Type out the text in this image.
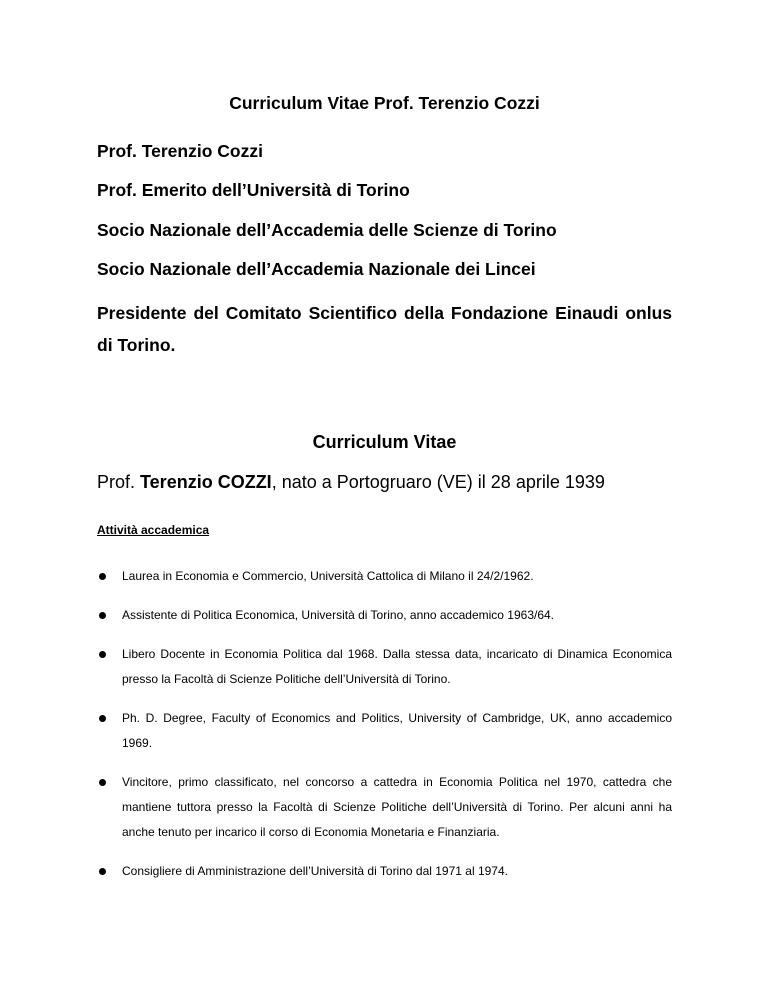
Curriculum Vitae Prof. Terenzio Cozzi
Prof. Terenzio Cozzi
Prof. Emerito dell’Università di Torino
Socio Nazionale dell’Accademia delle Scienze di Torino
Socio Nazionale dell’Accademia Nazionale dei Lincei
Presidente del Comitato Scientifico della Fondazione Einaudi onlus di Torino.
Curriculum Vitae
Prof. Terenzio COZZI, nato a Portogruaro (VE) il 28 aprile 1939
Attività accademica
Laurea in Economia e Commercio, Università Cattolica di Milano il 24/2/1962.
Assistente di Politica Economica, Università di Torino, anno accademico 1963/64.
Libero Docente in Economia Politica dal 1968. Dalla stessa data, incaricato di Dinamica Economica presso la Facoltà di Scienze Politiche dell’Università di Torino.
Ph. D. Degree, Faculty of Economics and Politics, University of Cambridge, UK, anno accademico 1969.
Vincitore, primo classificato, nel concorso a cattedra in Economia Politica nel 1970, cattedra che mantiene tuttora presso la Facoltà di Scienze Politiche dell’Università di Torino. Per alcuni anni ha anche tenuto per incarico il corso di Economia Monetaria e Finanziaria.
Consigliere di Amministrazione dell’Università di Torino dal 1971 al 1974.
